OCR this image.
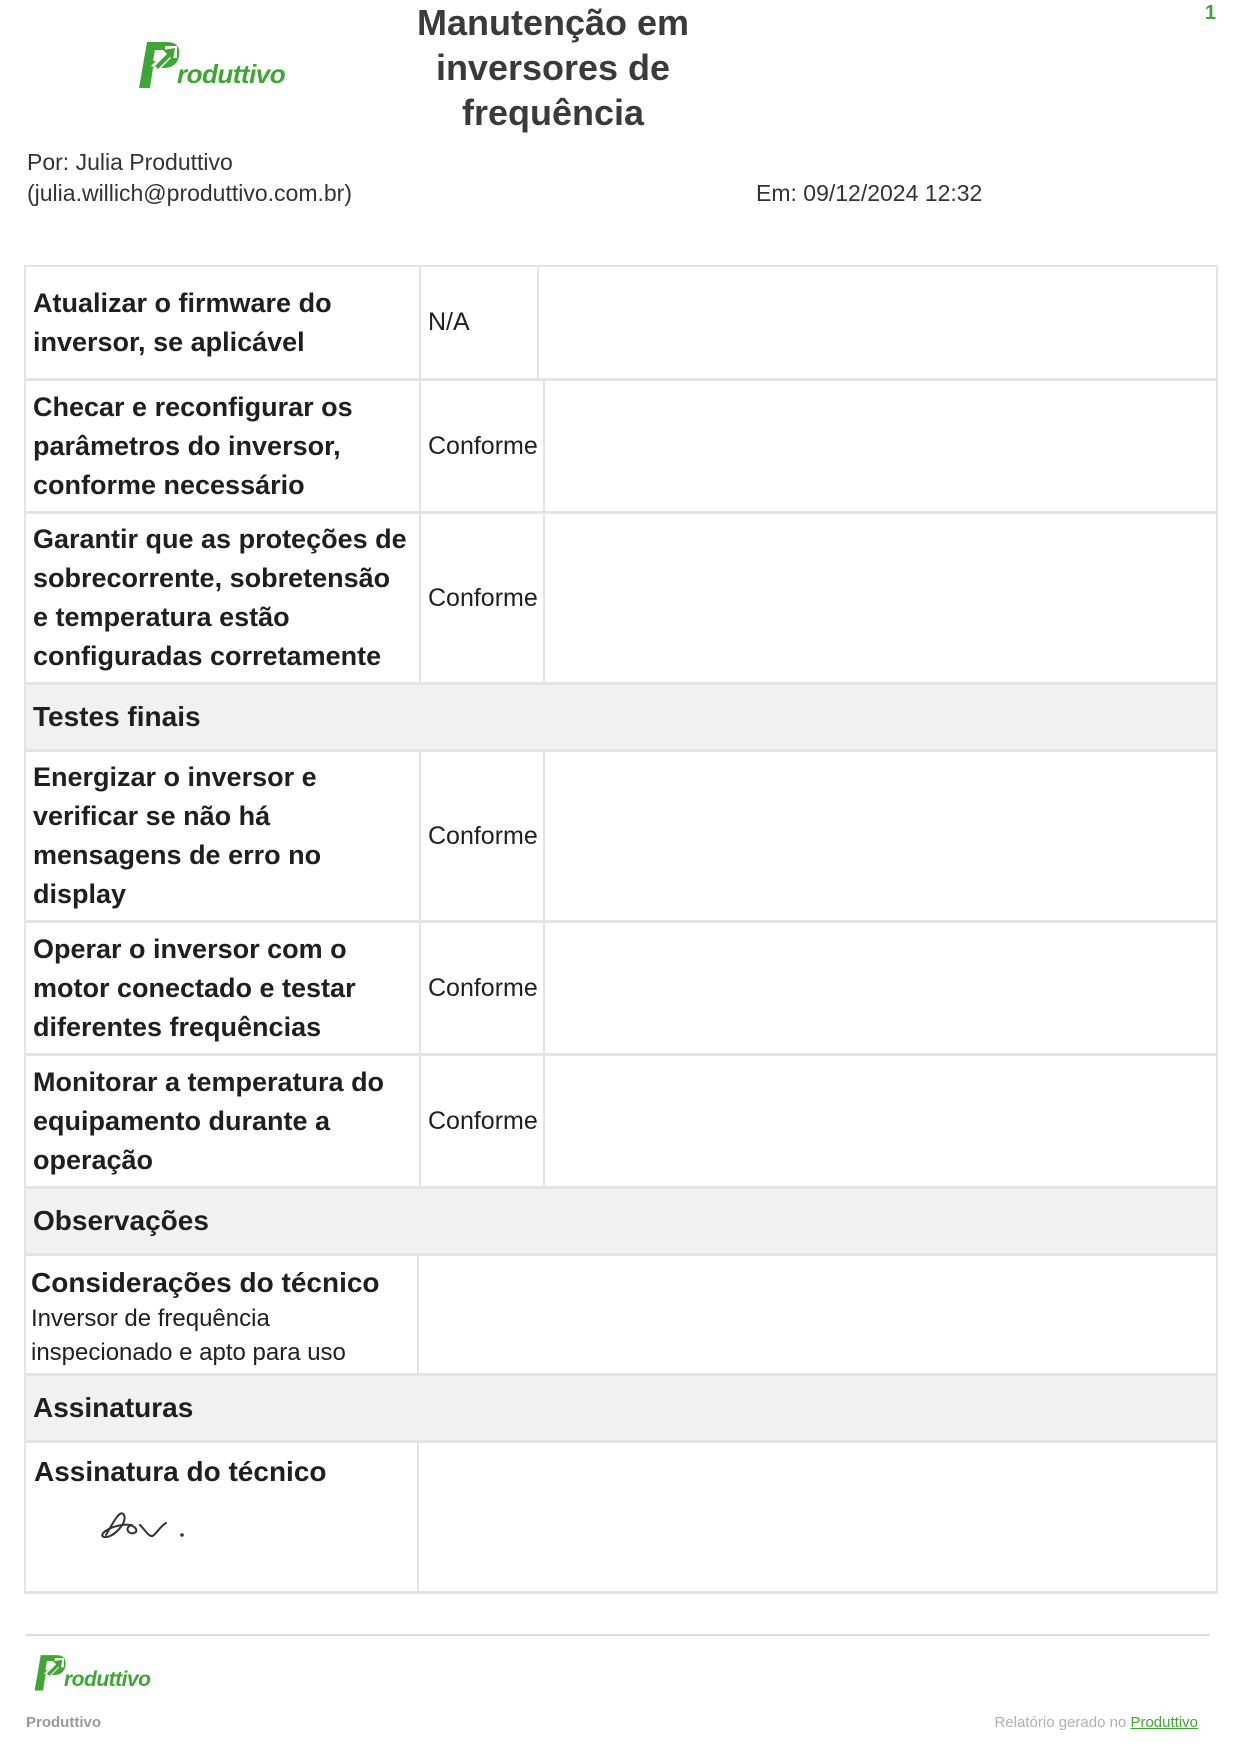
roduttivo
Manutenção em inversores de frequência
1
Por: Julia Produttivo
(julia.willich@produttivo.com.br)	Em: 09/12/2024 12:32
Atualizar o firmware do inversor, se aplicável
N/A
Checar e reconfigurar os parâmetros do inversor, conforme necessário
Conforme
Garantir que as proteções de sobrecorrente, sobretensão e temperatura estão configuradas corretamente
Conforme
Testes finais
Energizar o inversor e verificar se não há mensagens de erro no display
Conforme
Operar o inversor com o motor conectado e testar diferentes frequências
Conforme
Monitorar a temperatura do equipamento durante a operação
Conforme
Observações
Considerações do técnico
Inversor de frequência inspecionado e apto para uso
Assinaturas
Assinatura do técnico
roduttivo
Produttivo	Relatório gerado no Produttivo
